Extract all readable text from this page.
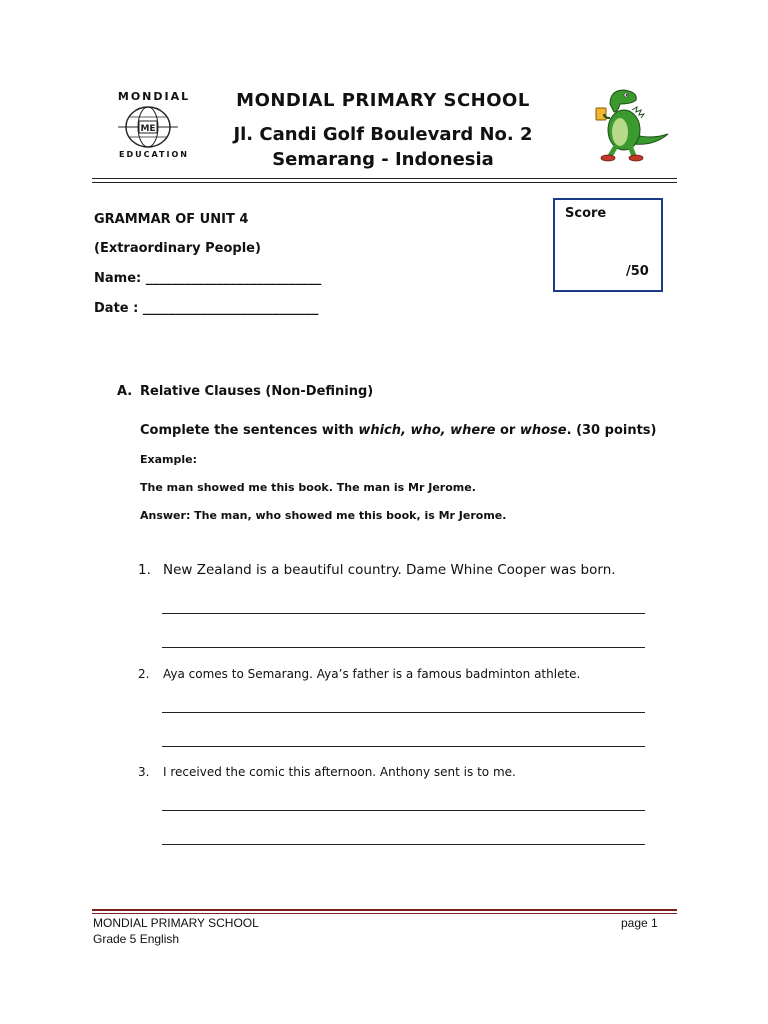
MONDIAL
ME
EDUCATION
MONDIAL PRIMARY SCHOOL
Jl. Candi Golf Boulevard No. 2
Semarang - Indonesia
GRAMMAR OF UNIT 4
(Extraordinary People)
Name: ___________________________
Date : ___________________________
Score
/50
A. Relative Clauses (Non-Defining)
Complete the sentences with which, who, where or whose. (30 points)
Example:
The man showed me this book. The man is Mr Jerome.
Answer: The man, who showed me this book, is Mr Jerome.
1. New Zealand is a beautiful country. Dame Whine Cooper was born.
2. Aya comes to Semarang. Aya’s father is a famous badminton athlete.
3. I received the comic this afternoon. Anthony sent is to me.
MONDIAL PRIMARY SCHOOL
Grade 5 English
page 1
